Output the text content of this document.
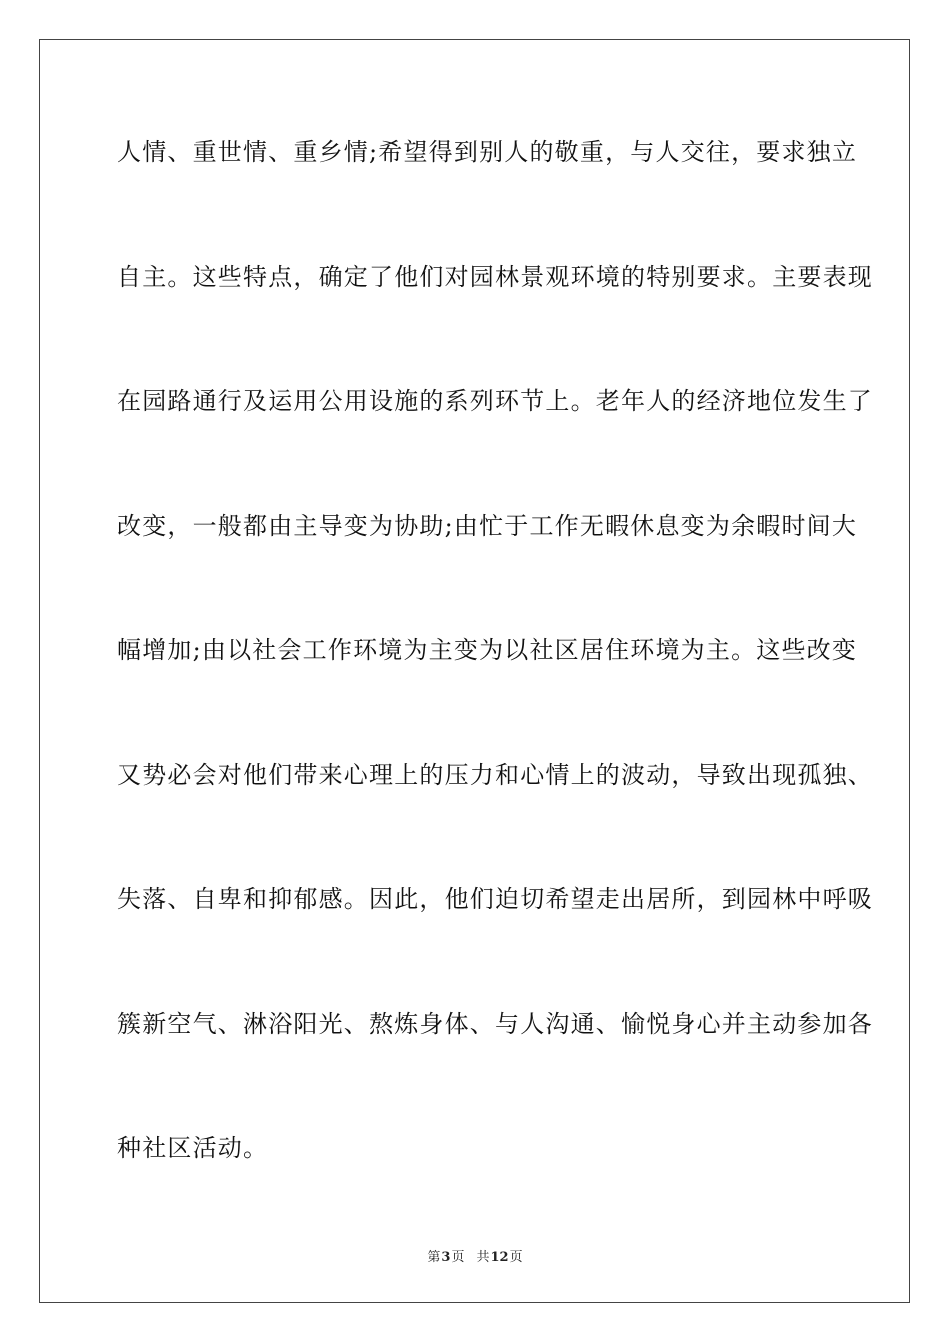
人情、重世情、重乡情;希望得到别人的敬重，与人交往，要求独立
自主。这些特点，确定了他们对园林景观环境的特别要求。主要表现
在园路通行及运用公用设施的系列环节上。老年人的经济地位发生了
改变，一般都由主导变为协助;由忙于工作无暇休息变为余暇时间大
幅增加;由以社会工作环境为主变为以社区居住环境为主。这些改变
又势必会对他们带来心理上的压力和心情上的波动，导致出现孤独、
失落、自卑和抑郁感。因此，他们迫切希望走出居所，到园林中呼吸
簇新空气、淋浴阳光、熬炼身体、与人沟通、愉悦身心并主动参加各
种社区活动。
第3页 共12页
